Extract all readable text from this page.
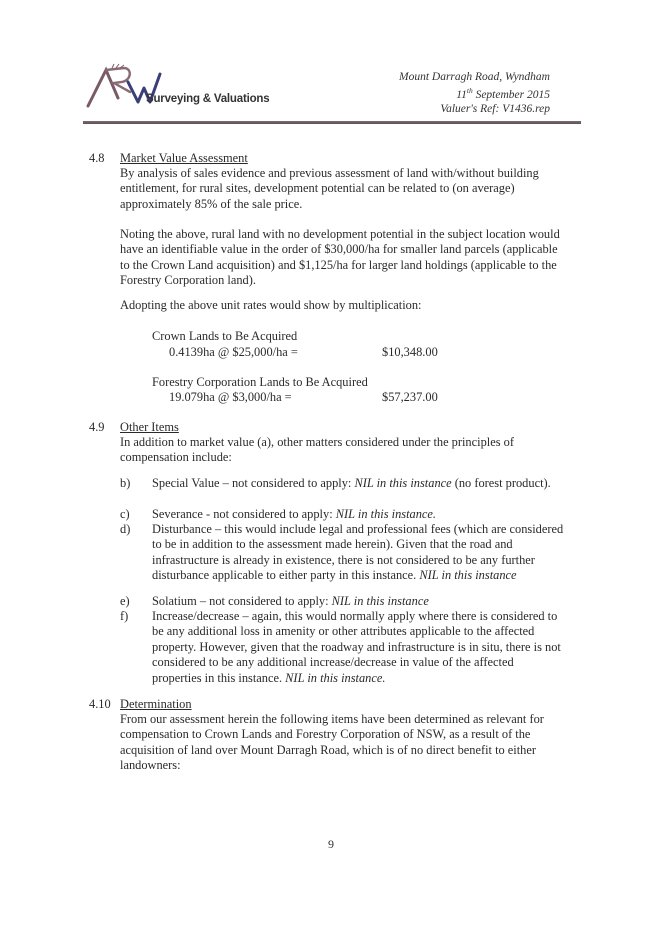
Surveying & Valuations
Mount Darragh Road, Wyndham
11th September 2015
Valuer's Ref: V1436.rep
4.8 Market Value Assessment

By analysis of sales evidence and previous assessment of land with/without building entitlement, for rural sites, development potential can be related to (on average) approximately 85% of the sale price.

Noting the above, rural land with no development potential in the subject location would have an identifiable value in the order of $30,000/ha for smaller land parcels (applicable to the Crown Land acquisition) and $1,125/ha for larger land holdings (applicable to the Forestry Corporation land).

Adopting the above unit rates would show by multiplication:

Crown Lands to Be Acquired
0.4139ha @ $25,000/ha =	$10,348.00
Forestry Corporation Lands to Be Acquired
19.079ha @ $3,000/ha =	$57,237.00
4.9 Other Items

In addition to market value (a), other matters considered under the principles of compensation include:

b) Special Value – not considered to apply: NIL in this instance (no forest product).

c) Severance - not considered to apply: NIL in this instance.

d) Disturbance – this would include legal and professional fees (which are considered to be in addition to the assessment made herein). Given that the road and infrastructure is already in existence, there is not considered to be any further disturbance applicable to either party in this instance. NIL in this instance

e) Solatium – not considered to apply: NIL in this instance

f) Increase/decrease – again, this would normally apply where there is considered to be any additional loss in amenity or other attributes applicable to the affected property. However, given that the roadway and infrastructure is in situ, there is not considered to be any additional increase/decrease in value of the affected properties in this instance. NIL in this instance.

4.10 Determination

From our assessment herein the following items have been determined as relevant for compensation to Crown Lands and Forestry Corporation of NSW, as a result of the acquisition of land over Mount Darragh Road, which is of no direct benefit to either landowners:

9
